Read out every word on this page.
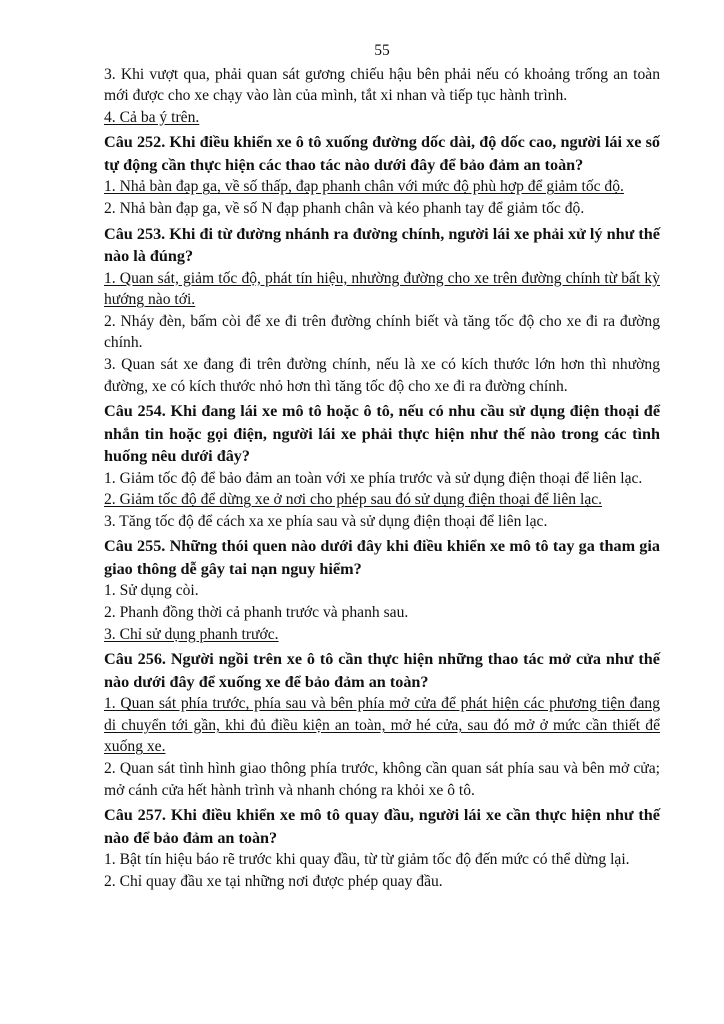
55

3. Khi vượt qua, phải quan sát gương chiếu hậu bên phải nếu có khoảng trống an toàn mới được cho xe chạy vào làn của mình, tắt xi nhan và tiếp tục hành trình.

4. Cả ba ý trên.

Câu 252. Khi điều khiển xe ô tô xuống đường dốc dài, độ dốc cao, người lái xe số tự động cần thực hiện các thao tác nào dưới đây để bảo đảm an toàn?

1. Nhả bàn đạp ga, về số thấp, đạp phanh chân với mức độ phù hợp để giảm tốc độ.

2. Nhả bàn đạp ga, về số N đạp phanh chân và kéo phanh tay để giảm tốc độ.

Câu 253. Khi đi từ đường nhánh ra đường chính, người lái xe phải xử lý như thế nào là đúng?

1. Quan sát, giảm tốc độ, phát tín hiệu, nhường đường cho xe trên đường chính từ bất kỳ hướng nào tới.

2. Nháy đèn, bấm còi để xe đi trên đường chính biết và tăng tốc độ cho xe đi ra đường chính.

3. Quan sát xe đang đi trên đường chính, nếu là xe có kích thước lớn hơn thì nhường đường, xe có kích thước nhỏ hơn thì tăng tốc độ cho xe đi ra đường chính.

Câu 254. Khi đang lái xe mô tô hoặc ô tô, nếu có nhu cầu sử dụng điện thoại để nhắn tin hoặc gọi điện, người lái xe phải thực hiện như thế nào trong các tình huống nêu dưới đây?

1. Giảm tốc độ để bảo đảm an toàn với xe phía trước và sử dụng điện thoại để liên lạc.

2. Giảm tốc độ để dừng xe ở nơi cho phép sau đó sử dụng điện thoại để liên lạc.

3. Tăng tốc độ để cách xa xe phía sau và sử dụng điện thoại để liên lạc.

Câu 255. Những thói quen nào dưới đây khi điều khiển xe mô tô tay ga tham gia giao thông dễ gây tai nạn nguy hiểm?

1. Sử dụng còi.

2. Phanh đồng thời cả phanh trước và phanh sau.

3. Chỉ sử dụng phanh trước.

Câu 256. Người ngồi trên xe ô tô cần thực hiện những thao tác mở cửa như thế nào dưới đây để xuống xe để bảo đảm an toàn?

1. Quan sát phía trước, phía sau và bên phía mở cửa để phát hiện các phương tiện đang di chuyển tới gần, khi đủ điều kiện an toàn, mở hé cửa, sau đó mở ở mức cần thiết để xuống xe.

2. Quan sát tình hình giao thông phía trước, không cần quan sát phía sau và bên mở cửa; mở cánh cửa hết hành trình và nhanh chóng ra khỏi xe ô tô.

Câu 257. Khi điều khiển xe mô tô quay đầu, người lái xe cần thực hiện như thế nào để bảo đảm an toàn?

1. Bật tín hiệu báo rẽ trước khi quay đầu, từ từ giảm tốc độ đến mức có thể dừng lại.

2. Chỉ quay đầu xe tại những nơi được phép quay đầu.
